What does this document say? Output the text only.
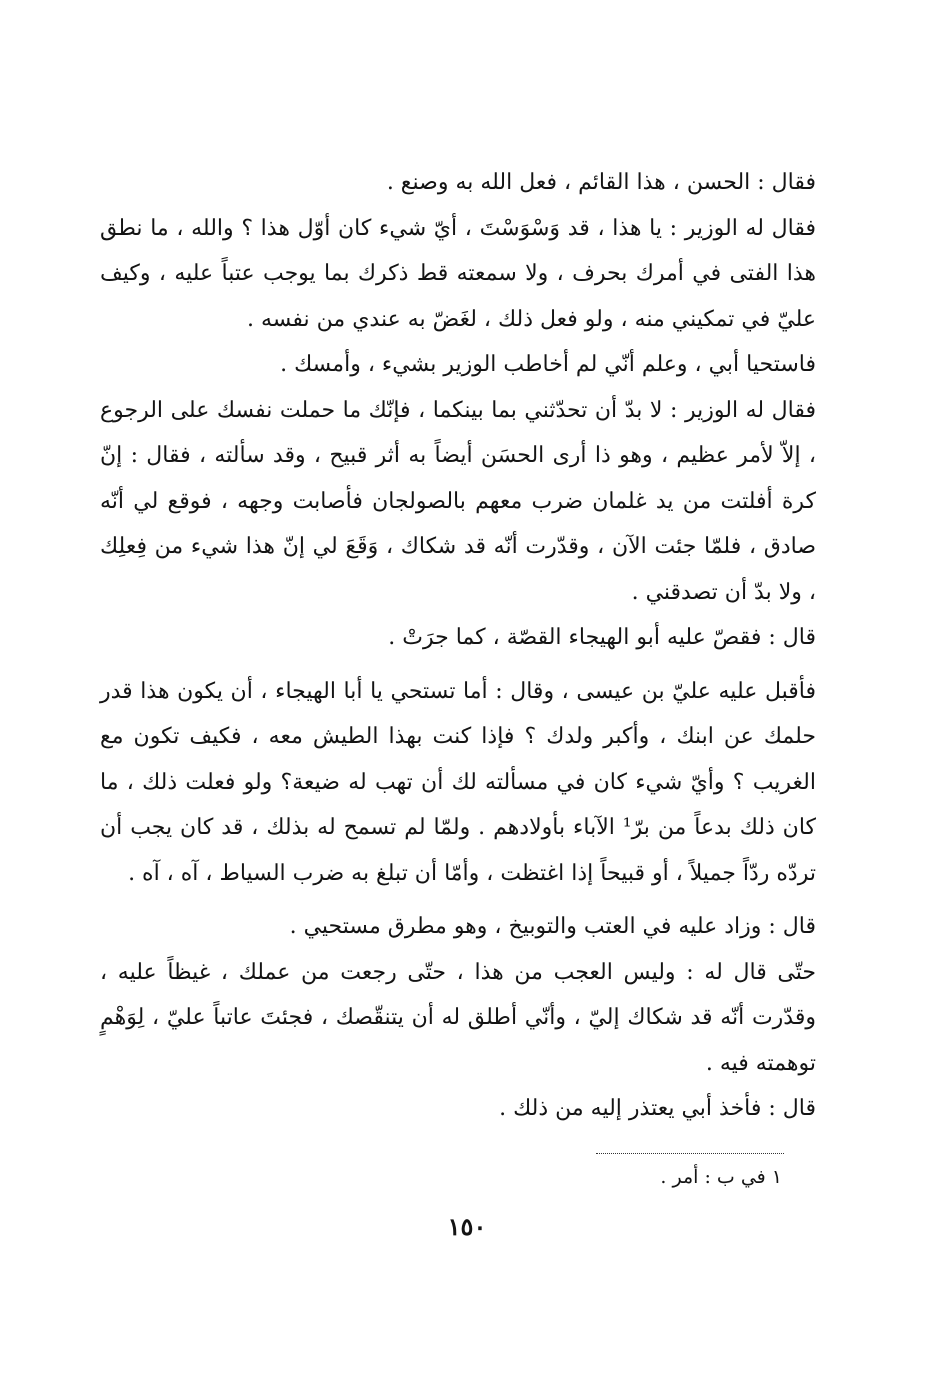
فقال : الحسن ، هذا القائم ، فعل الله به وصنع .

فقال له الوزير : يا هذا ، قد وَسْوَسْتَ ، أيّ شيء كان أوّل هذا ؟ والله ، ما نطق هذا الفتى في أمرك بحرف ، ولا سمعته قط ذكرك بما يوجب عتباً عليه ، وكيف عليّ في تمكيني منه ، ولو فعل ذلك ، لغَضّ به عندي من نفسه .

فاستحيا أبي ، وعلم أنّي لم أخاطب الوزير بشيء ، وأمسك .

فقال له الوزير : لا بدّ أن تحدّثني بما بينكما ، فإنّك ما حملت نفسك على الرجوع ، إلاّ لأمر عظيم ، وهو ذا أرى الحسَن أيضاً به أثر قبيح ، وقد سألته ، فقال : إنّ كرة أفلتت من يد غلمان ضرب معهم بالصولجان فأصابت وجهه ، فوقع لي أنّه صادق ، فلمّا جئت الآن ، وقدّرت أنّه قد شكاك ، وَقَعَ لي إنّ هذا شيء من فِعلِك ، ولا بدّ أن تصدقني .

قال : فقصّ عليه أبو الهيجاء القصّة ، كما جرَتْ .

فأقبل عليه عليّ بن عيسى ، وقال : أما تستحي يا أبا الهيجاء ، أن يكون هذا قدر حلمك عن ابنك ، وأكبر ولدك ؟ فإذا كنت بهذا الطيش معه ، فكيف تكون مع الغريب ؟ وأيّ شيء كان في مسألته لك أن تهب له ضيعة؟ ولو فعلت ذلك ، ما كان ذلك بدعاً من برّ¹ الآباء بأولادهم . ولمّا لم تسمح له بذلك ، قد كان يجب أن تردّه ردّاً جميلاً ، أو قبيحاً إذا اغتظت ، وأمّا أن تبلغ به ضرب السياط ، آه ، آه .

قال : وزاد عليه في العتب والتوبيخ ، وهو مطرق مستحيي .

حتّى قال له : وليس العجب من هذا ، حتّى رجعت من عملك ، غيظاً عليه ، وقدّرت أنّه قد شكاك إليّ ، وأنّي أطلق له أن يتنقّصك ، فجئتَ عاتباً عليّ ، لِوَهْمٍ توهمته فيه .

قال : فأخذ أبي يعتذر إليه من ذلك .

١ في ب : أمر .
١٥٠
